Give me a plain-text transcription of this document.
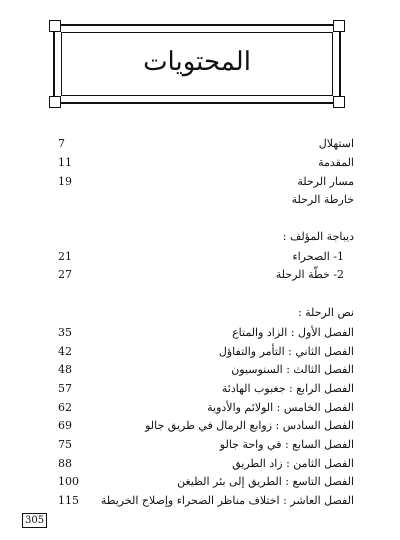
المحتويات
استهلال
7
المقدمة
11
مسار الرحلة
19
خارطة الرحلة
ديباجة المؤلف :
1- الصحراء
21
2- خطّة الرحلة
27
نص الرحلة :
الفصل الأول : الزاد والمتاع
35
الفصل الثاني : التأمر والتفاؤل
42
الفصل الثالث : السنوسيون
48
الفصل الرابع : جغبوب الهادئة
57
الفصل الخامس : الولائم والأدوية
62
الفصل السادس : زوابع الرمال في طريق جالو
69
الفصل السابع : في واحة جالو
75
الفصل الثامن : زاد الطريق
88
الفصل التاسع : الطريق إلى بئر الظيغن
100
الفصل العاشر : اختلاف مناظر الصحراء وإصلاح الخريطة
115
305
